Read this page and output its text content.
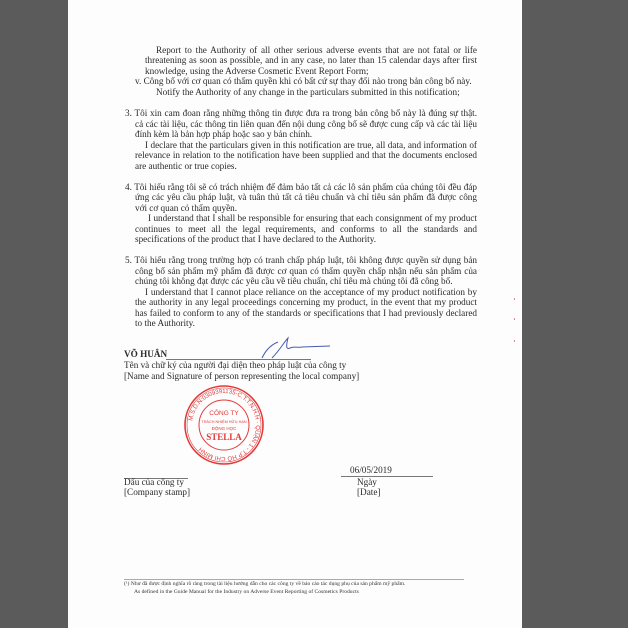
Report to the Authority of all other serious adverse events that are not fatal or life
threatening as soon as possible, and in any case, no later than 15 calendar days after first
knowledge, using the Adverse Cosmetic Event Report Form;
v. Công bố với cơ quan có thẩm quyền khi có bất cứ sự thay đổi nào trong bản công bố này.
Notify the Authority of any change in the particulars submitted in this notification;
3. Tôi xin cam đoan rằng những thông tin được đưa ra trong bản công bố này là đúng sự thật.
cả các tài liệu, các thông tin liên quan đến nội dung công bố sẽ được cung cấp và các tài liệu
đính kèm là bản hợp pháp hoặc sao y bản chính.
I declare that the particulars given in this notification are true, all data, and information of
relevance in relation to the notification have been supplied and that the documents enclosed
are authentic or true copies.
4. Tôi hiểu rằng tôi sẽ có trách nhiệm để đảm bảo tất cả các lô sản phẩm của chúng tôi đều đáp
ứng các yêu cầu pháp luật, và tuân thủ tất cả tiêu chuẩn và chỉ tiêu sản phẩm đã được công
với cơ quan có thẩm quyền.
I understand that I shall be responsible for ensuring that each consignment of my product
continues to meet all the legal requirements, and conforms to all the standards and
specifications of the product that I have declared to the Authority.
5. Tôi hiểu rằng trong trường hợp có tranh chấp pháp luật, tôi không được quyền sử dụng bản
công bố sản phẩm mỹ phẩm đã được cơ quan có thẩm quyền chấp nhận nếu sản phẩm của
chúng tôi không đạt được các yêu cầu về tiêu chuẩn, chỉ tiêu mà chúng tôi đã công bố.
I understand that I cannot place reliance on the acceptance of my product notification by
the authority in any legal proceedings concerning my product, in the event that my product
has failed to conform to any of the standards or specifications that I had previously declared
to the Authority.
VÕ HUÂN
Tên và chữ ký của người đại diện theo pháp luật của công ty
[Name and Signature of person representing the local company]
M.S.D.N:0309391135-C.T.T.N.H.H · QUẬN 1 - T.P HỒ CHÍ MINH
CÔNG TY
TRÁCH NHIỆM HỮU HẠN
ĐỘNG HỌC
STELLA
Dấu của công ty
[Company stamp]
06/05/2019
Ngày
[Date]
(¹) Như đã được định nghĩa rõ ràng trong tài liệu hướng dẫn cho các công ty về báo cáo tác dụng phụ của sản phẩm mỹ phẩm.
As defined in the Guide Manual for the Industry on Adverse Event Reporting of Cosmetics Products
